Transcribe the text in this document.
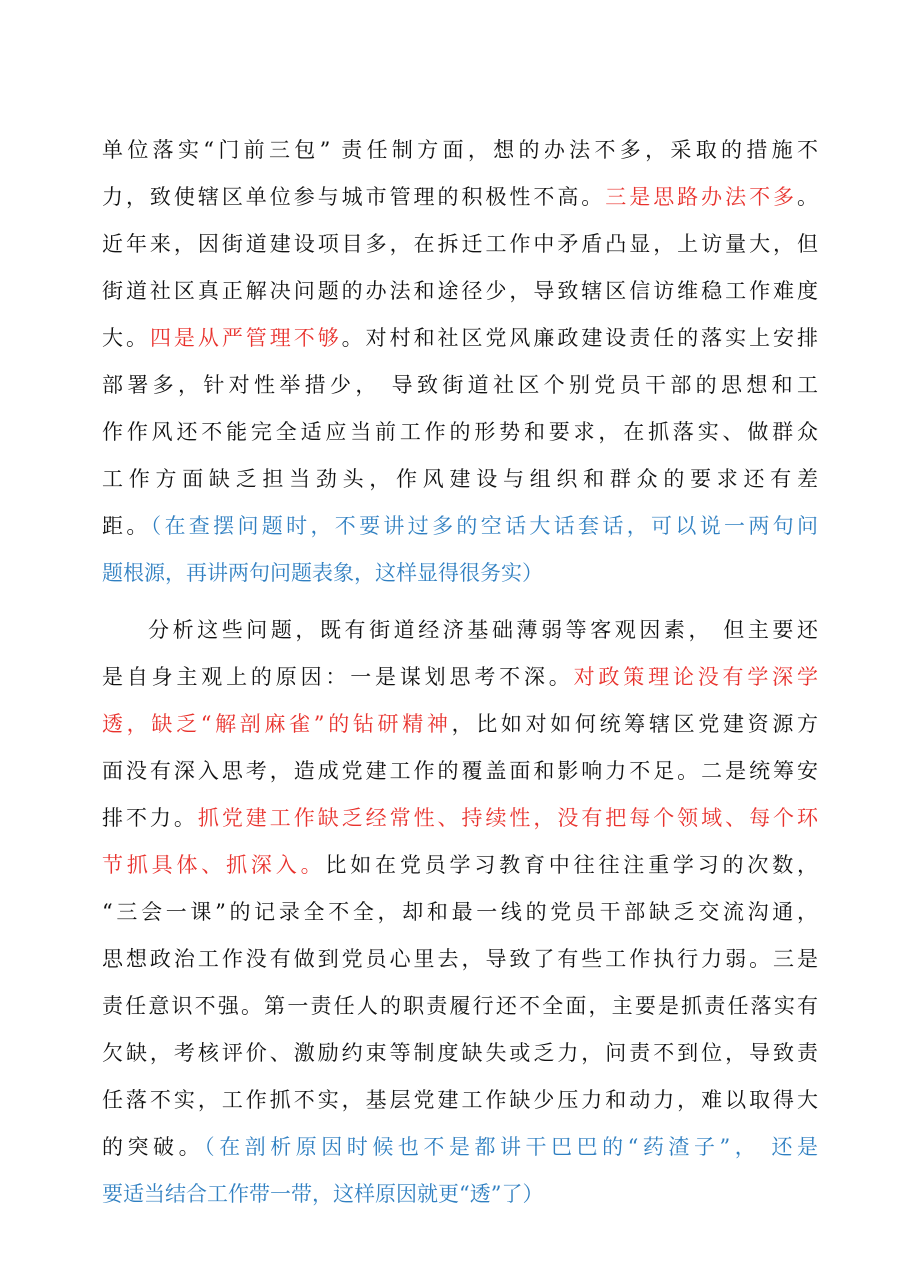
单位落实“门前三包” 责任制方面，想的办法不多，采取的措施不
力，致使辖区单位参与城市管理的积极性不高。三是思路办法不多。
近年来，因街道建设项目多，在拆迁工作中矛盾凸显，上访量大，但
街道社区真正解决问题的办法和途径少，导致辖区信访维稳工作难度
大。四是从严管理不够。对村和社区党风廉政建设责任的落实上安排
部署多，针对性举措少， 导致街道社区个别党员干部的思想和工
作作风还不能完全适应当前工作的形势和要求，在抓落实、做群众
工作方面缺乏担当劲头，作风建设与组织和群众的要求还有差
距。（在查摆问题时，不要讲过多的空话大话套话，可以说一两句问
题根源，再讲两句问题表象，这样显得很务实）
分析这些问题，既有街道经济基础薄弱等客观因素， 但主要还
是自身主观上的原因：一是谋划思考不深。对政策理论没有学深学
透，缺乏“解剖麻雀”的钻研精神，比如对如何统筹辖区党建资源方
面没有深入思考，造成党建工作的覆盖面和影响力不足。二是统筹安
排不力。抓党建工作缺乏经常性、持续性，没有把每个领域、每个环
节抓具体、抓深入。比如在党员学习教育中往往注重学习的次数，
“三会一课”的记录全不全，却和最一线的党员干部缺乏交流沟通，
思想政治工作没有做到党员心里去，导致了有些工作执行力弱。三是
责任意识不强。第一责任人的职责履行还不全面，主要是抓责任落实有
欠缺，考核评价、激励约束等制度缺失或乏力，问责不到位，导致责
任落不实，工作抓不实，基层党建工作缺少压力和动力，难以取得大
的突破。（在剖析原因时候也不是都讲干巴巴的“药渣子”， 还是
要适当结合工作带一带，这样原因就更“透”了）
